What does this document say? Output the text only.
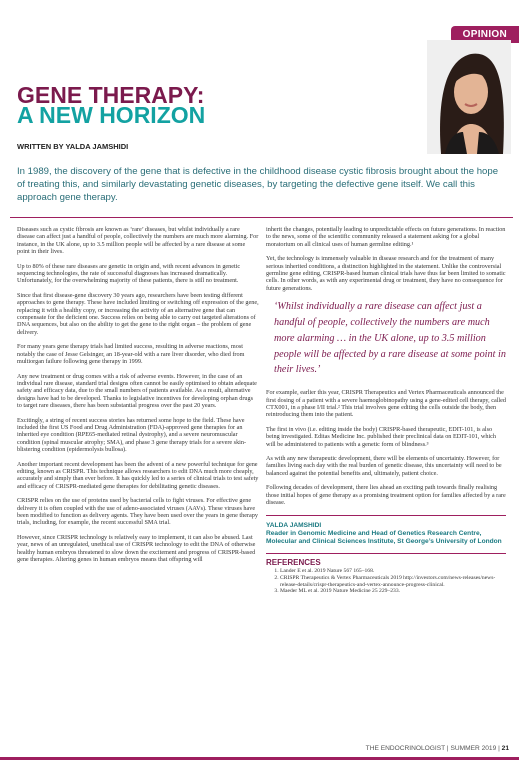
OPINION
GENE THERAPY:
A NEW HORIZON
WRITTEN BY YALDA JAMSHIDI
In 1989, the discovery of the gene that is defective in the childhood disease cystic fibrosis brought about the hope of treating this, and similarly devastating genetic diseases, by targeting the defective gene itself. We call this approach gene therapy.

Diseases such as cystic fibrosis are known as ‘rare’ diseases, but whilst individually a rare disease can affect just a handful of people, collectively the numbers are much more alarming. For instance, in the UK alone, up to 3.5 million people will be affected by a rare disease at some point in their lives.

Up to 80% of these rare diseases are genetic in origin and, with recent advances in genetic sequencing technologies, the rate of successful diagnoses has increased dramatically. Unfortunately, for the overwhelming majority of these patients, there is still no treatment.

Since that first disease-gene discovery 30 years ago, researchers have been testing different approaches to gene therapy. These have included limiting or switching off expression of the gene, replacing it with a healthy copy, or increasing the activity of an alternative gene that can compensate for the deficient one. Success relies on being able to carry out targeted alterations of DNA sequences, but also on the ability to get the gene to the right organ – the problem of gene delivery.

For many years gene therapy trials had limited success, resulting in adverse reactions, most notably the case of Jesse Gelsinger, an 18-year-old with a rare liver disorder, who died from multiorgan failure following gene therapy in 1999.

Any new treatment or drug comes with a risk of adverse events. However, in the case of an individual rare disease, standard trial designs often cannot be easily optimised to obtain adequate safety and efficacy data, due to the small numbers of patients available. As a result, alternative designs have had to be developed. Thanks to legislative incentives for developing orphan drugs to target rare diseases, there has been substantial progress over the past 20 years.

Excitingly, a string of recent success stories has returned some hope to the field. These have included the first US Food and Drug Administration (FDA)-approved gene therapies for an inherited eye condition (RPE65-mediated retinal dystrophy), and a severe neuromuscular condition (spinal muscular atrophy; SMA), and phase 3 gene therapy trials for a severe skin-blistering condition (epidermolysis bullosa).

Another important recent development has been the advent of a new powerful technique for gene editing, known as CRISPR. This technique allows researchers to edit DNA much more cheaply, accurately and simply than ever before. It has quickly led to a series of clinical trials to test safety and efficacy of CRISPR-mediated gene therapies for debilitating genetic diseases.

CRISPR relies on the use of proteins used by bacterial cells to fight viruses. For effective gene delivery it is often coupled with the use of adeno-associated viruses (AAVs). These viruses have been modified to function as delivery agents. They have been used over the years in gene therapy trials, including, for example, the recent successful SMA trial.

However, since CRISPR technology is relatively easy to implement, it can also be abused. Last year, news of an unregulated, unethical use of CRISPR technology to edit the DNA of otherwise healthy human embryos threatened to slow down the excitement and progress of CRISPR-based gene therapies. Altering genes in human embryos means that offspring will

inherit the changes, potentially leading to unpredictable effects on future generations. In reaction to the news, some of the scientific community released a statement asking for a global moratorium on all clinical uses of human germline editing.¹

Yet, the technology is immensely valuable in disease research and for the treatment of many serious inherited conditions, a distinction highlighted in the statement. Unlike the controversial germline gene editing, CRISPR-based human clinical trials have thus far been limited to somatic cells. In other words, as with any experimental drug or treatment, they have no consequence for future generations.

‘Whilst individually a rare disease can affect just a handful of people, collectively the numbers are much more alarming … in the UK alone, up to 3.5 million people will be affected by a rare disease at some point in their lives.’

For example, earlier this year, CRISPR Therapeutics and Vertex Pharmaceuticals announced the first dosing of a patient with a severe haemoglobinopathy using a gene-edited cell therapy, called CTX001, in a phase I/II trial.² This trial involves gene editing the cells outside the body, then reintroducing them into the patient.

The first in vivo (i.e. editing inside the body) CRISPR-based therapeutic, EDIT-101, is also being investigated. Editas Medicine Inc. published their preclinical data on EDIT-101, which will be administered to patients with a genetic form of blindness.³

As with any new therapeutic development, there will be elements of uncertainty. However, for families living each day with the real burden of genetic disease, this uncertainty will need to be balanced against the potential benefits and, ultimately, patient choice.

Following decades of development, there lies ahead an exciting path towards finally realising those initial hopes of gene therapy as a promising treatment option for families affected by a rare disease.

YALDA JAMSHIDI
Reader in Genomic Medicine and Head of Genetics Research Centre, Molecular and Clinical Sciences Institute, St George’s University of London
REFERENCES
1. Lander E et al. 2019 Nature 567 165–168.
2. CRISPR Therapeutics & Vertex Pharmaceuticals 2019 http://investors.com/news-releases/news-release-details/crispr-therapeutics-and-vertex-announce-progress-clinical.
3. Maeder ML et al. 2019 Nature Medicine 25 229–233.
THE ENDOCRINOLOGIST | SUMMER 2019 | 21
